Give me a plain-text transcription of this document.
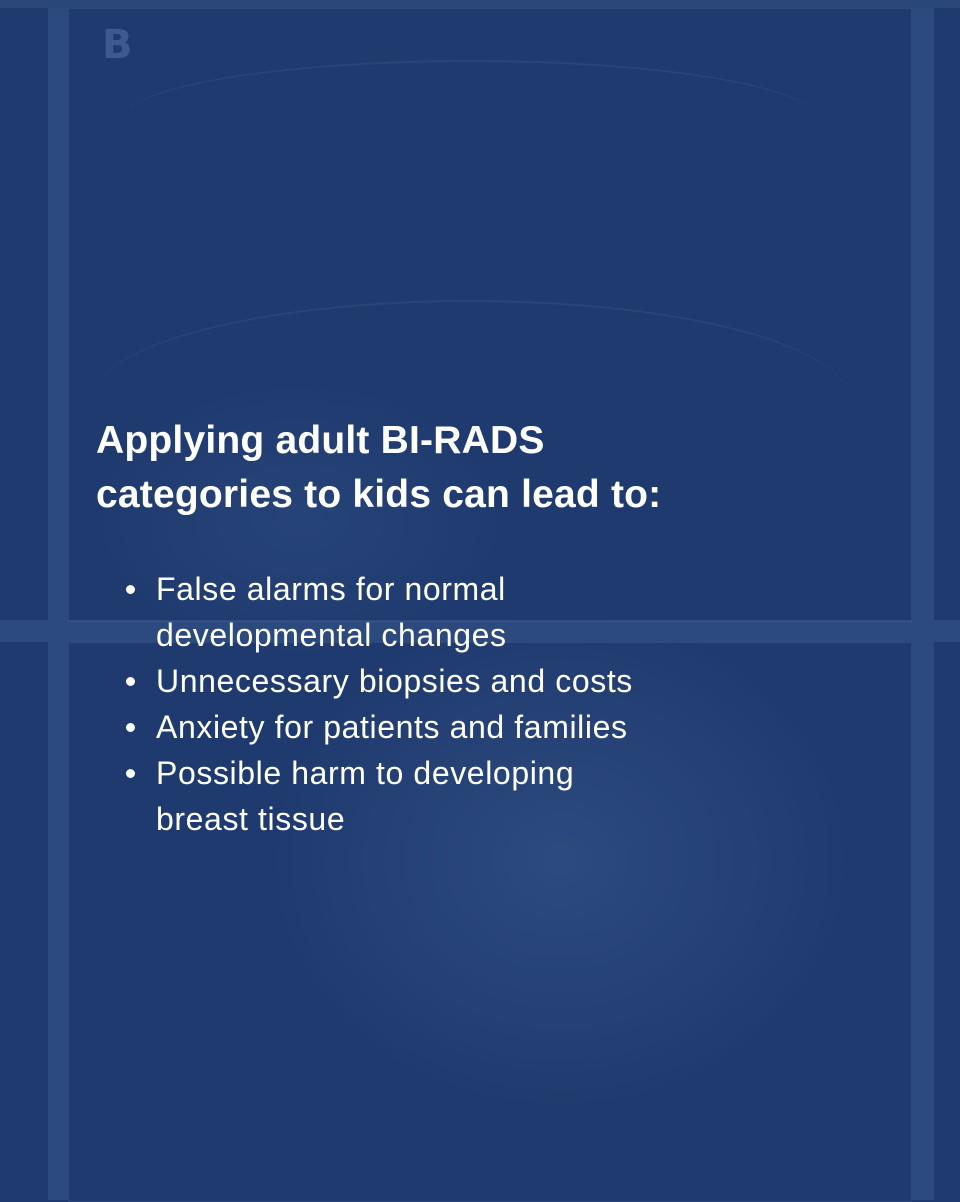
B
Applying adult BI-RADS
categories to kids can lead to:
False alarms for normal
developmental changes
Unnecessary biopsies and costs
Anxiety for patients and families
Possible harm to developing
breast tissue
